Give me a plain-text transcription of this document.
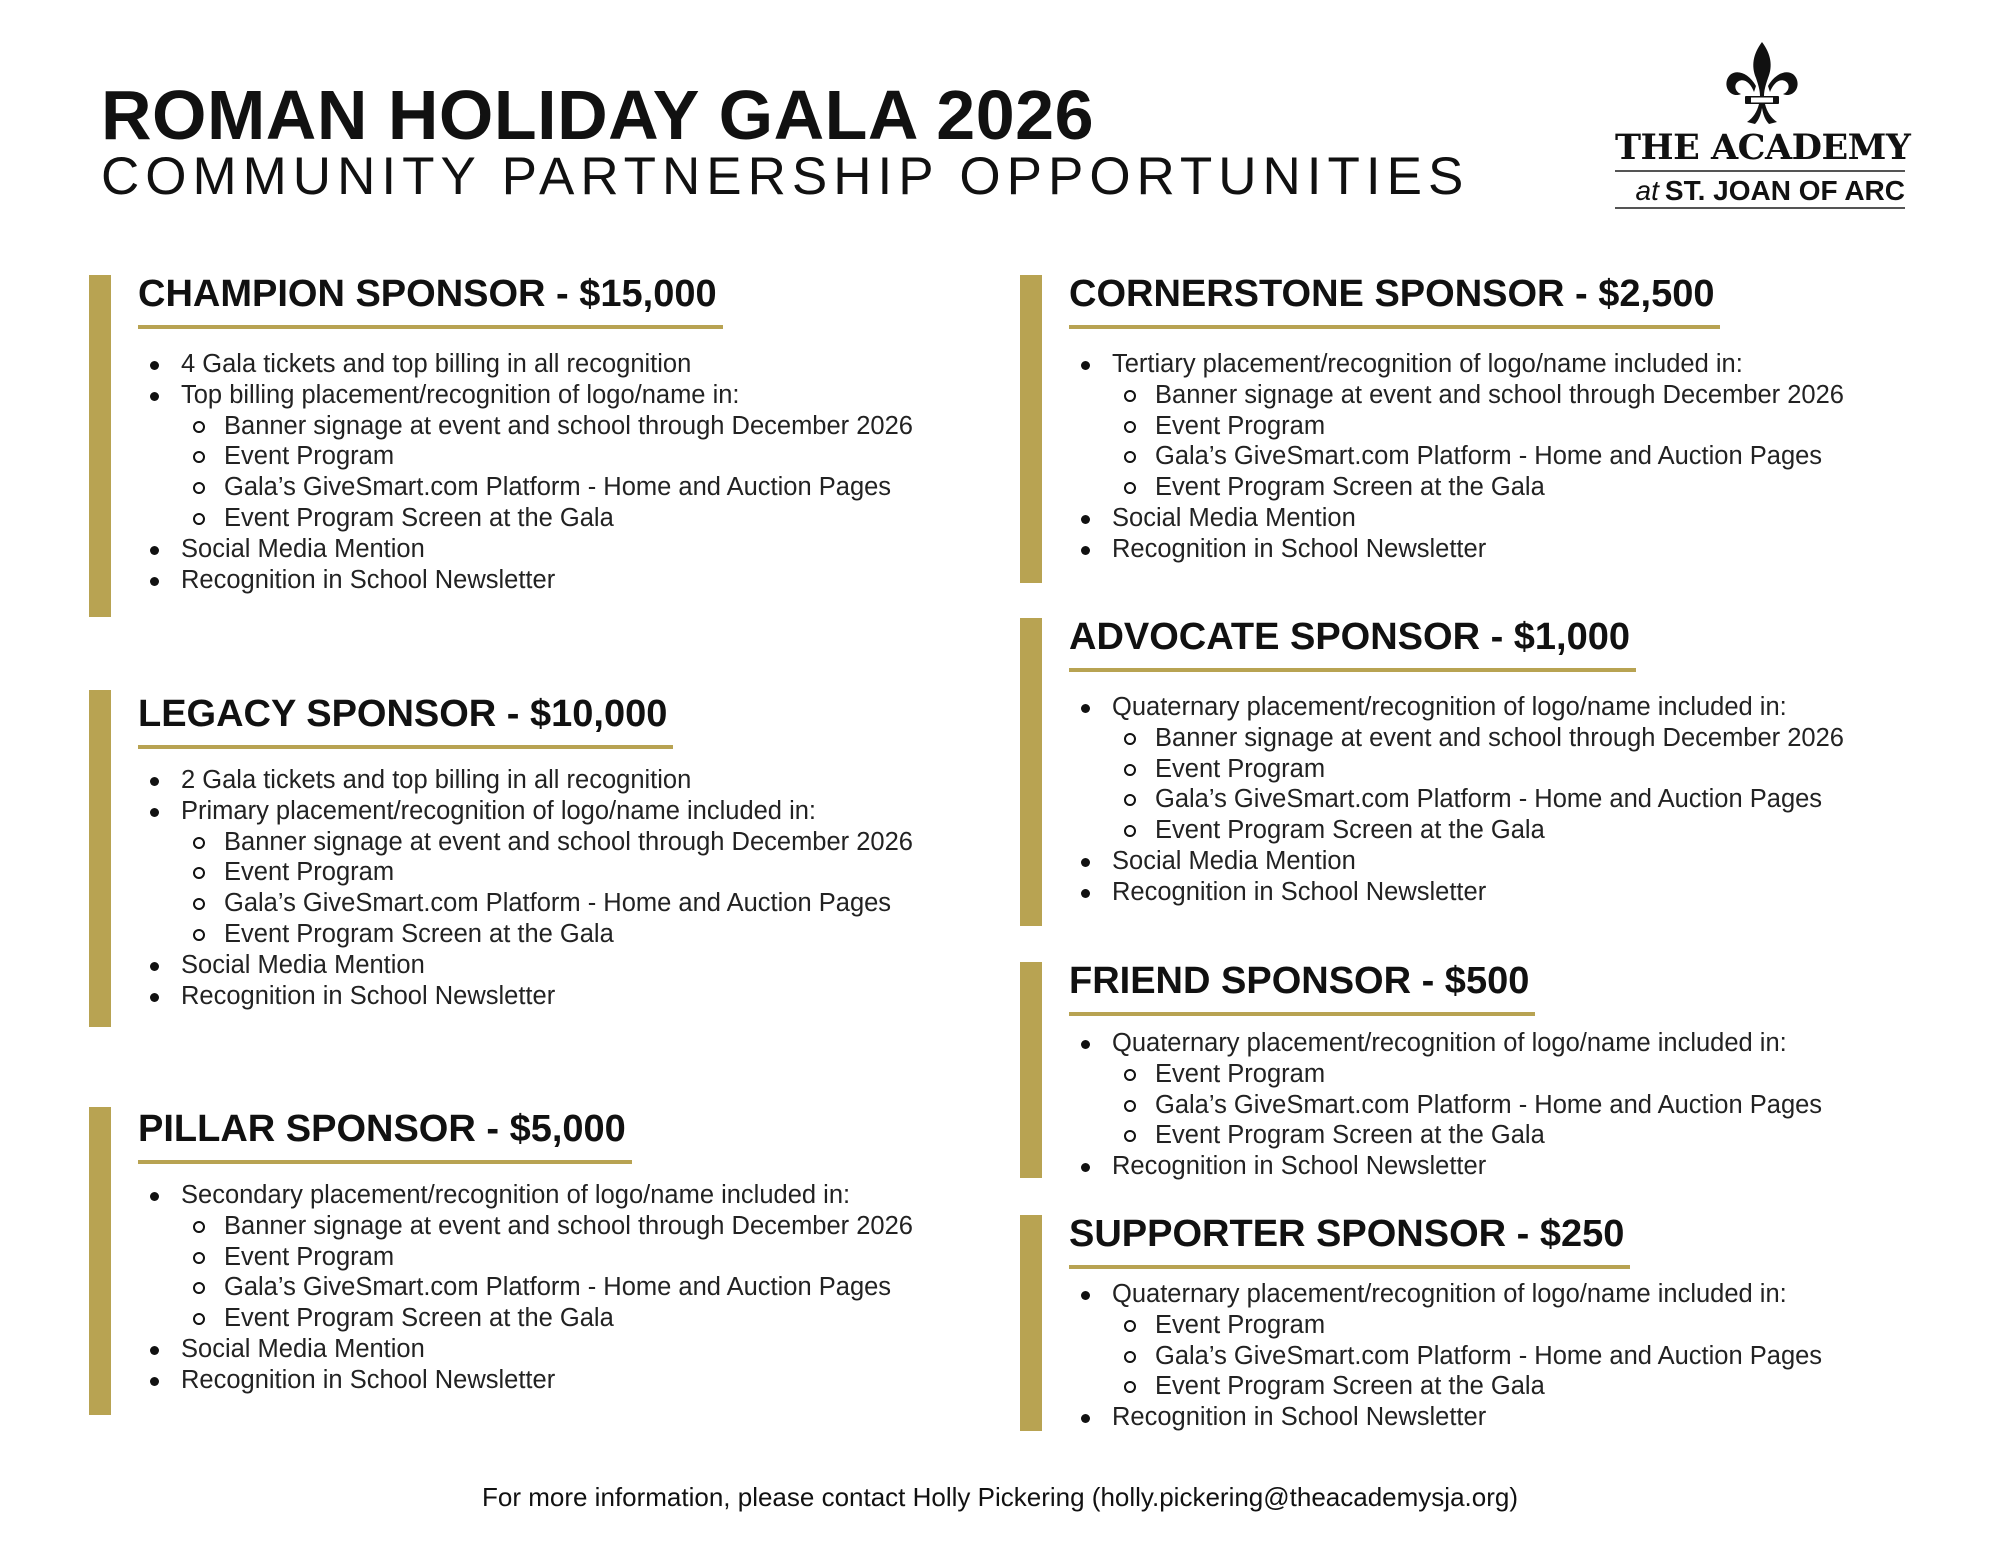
ROMAN HOLIDAY GALA 2026
COMMUNITY PARTNERSHIP OPPORTUNITIES	THE ACADEMY
at ST. JOAN OF ARC
CHAMPION SPONSOR - $15,000
4 Gala tickets and top billing in all recognition
Top billing placement/recognition of logo/name in:
Banner signage at event and school through December 2026
Event Program
Gala’s GiveSmart.com Platform - Home and Auction Pages
Event Program Screen at the Gala
Social Media Mention
Recognition in School Newsletter
LEGACY SPONSOR - $10,000
2 Gala tickets and top billing in all recognition
Primary placement/recognition of logo/name included in:
Banner signage at event and school through December 2026
Event Program
Gala’s GiveSmart.com Platform - Home and Auction Pages
Event Program Screen at the Gala
Social Media Mention
Recognition in School Newsletter
PILLAR SPONSOR - $5,000
Secondary placement/recognition of logo/name included in:
Banner signage at event and school through December 2026
Event Program
Gala’s GiveSmart.com Platform - Home and Auction Pages
Event Program Screen at the Gala
Social Media Mention
Recognition in School Newsletter
CORNERSTONE SPONSOR - $2,500
Tertiary placement/recognition of logo/name included in:
Banner signage at event and school through December 2026
Event Program
Gala’s GiveSmart.com Platform - Home and Auction Pages
Event Program Screen at the Gala
Social Media Mention
Recognition in School Newsletter
ADVOCATE SPONSOR - $1,000
Quaternary placement/recognition of logo/name included in:
Banner signage at event and school through December 2026
Event Program
Gala’s GiveSmart.com Platform - Home and Auction Pages
Event Program Screen at the Gala
Social Media Mention
Recognition in School Newsletter
FRIEND SPONSOR - $500
Quaternary placement/recognition of logo/name included in:
Event Program
Gala’s GiveSmart.com Platform - Home and Auction Pages
Event Program Screen at the Gala
Recognition in School Newsletter
SUPPORTER SPONSOR - $250
Quaternary placement/recognition of logo/name included in:
Event Program
Gala’s GiveSmart.com Platform - Home and Auction Pages
Event Program Screen at the Gala
Recognition in School Newsletter
For more information, please contact Holly Pickering (holly.pickering@theacademysja.org)
